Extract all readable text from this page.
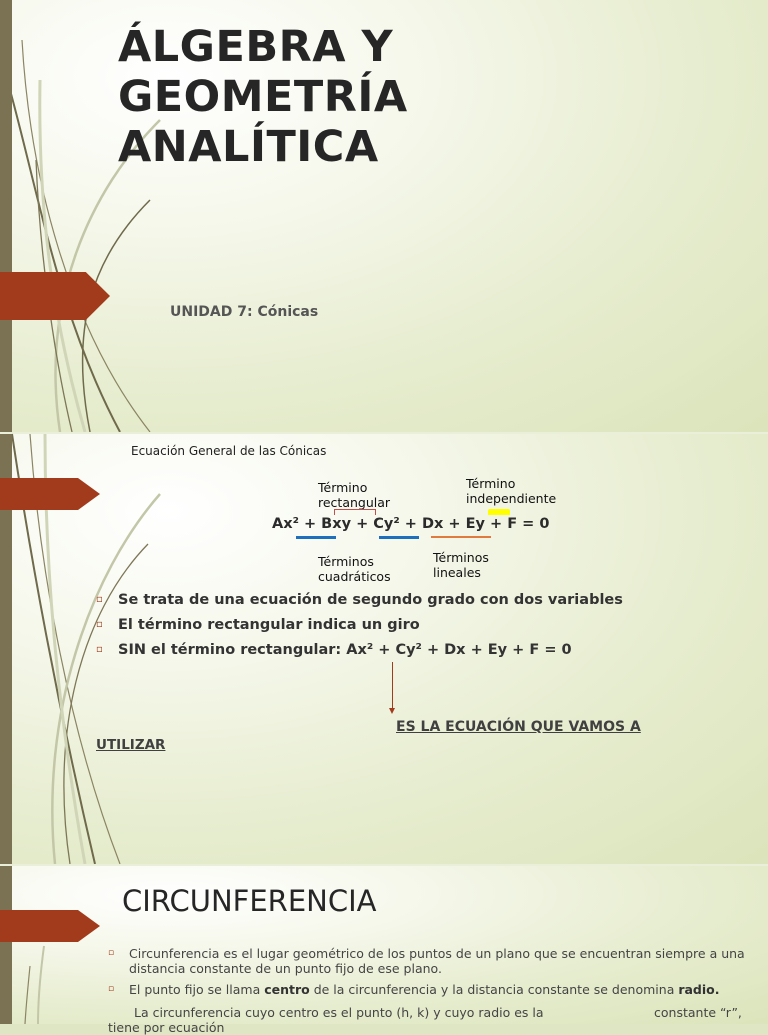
ÁLGEBRA Y
GEOMETRÍA
ANALÍTICA
UNIDAD 7: Cónicas
Ecuación General de las Cónicas
Término
rectangular
Término
independiente
Ax² + Bxy + Cy² + Dx + Ey + F = 0
Términos
cuadráticos
Términos
lineales
▫ Se trata de una ecuación de segundo grado con dos variables
▫ El término rectangular indica un giro
▫ SIN el término rectangular: Ax² + Cy² + Dx + Ey + F = 0
ES LA ECUACIÓN QUE VAMOS A
UTILIZAR
CIRCUNFERENCIA
▫ Circunferencia es el lugar geométrico de los puntos de un plano que se encuentran siempre a una distancia constante de un punto fijo de ese plano.
▫ El punto fijo se llama centro de la circunferencia y la distancia constante se denomina radio.
La circunferencia cuyo centro es el punto (h, k) y cuyo radio es la	constante “r”,
tiene por ecuación
